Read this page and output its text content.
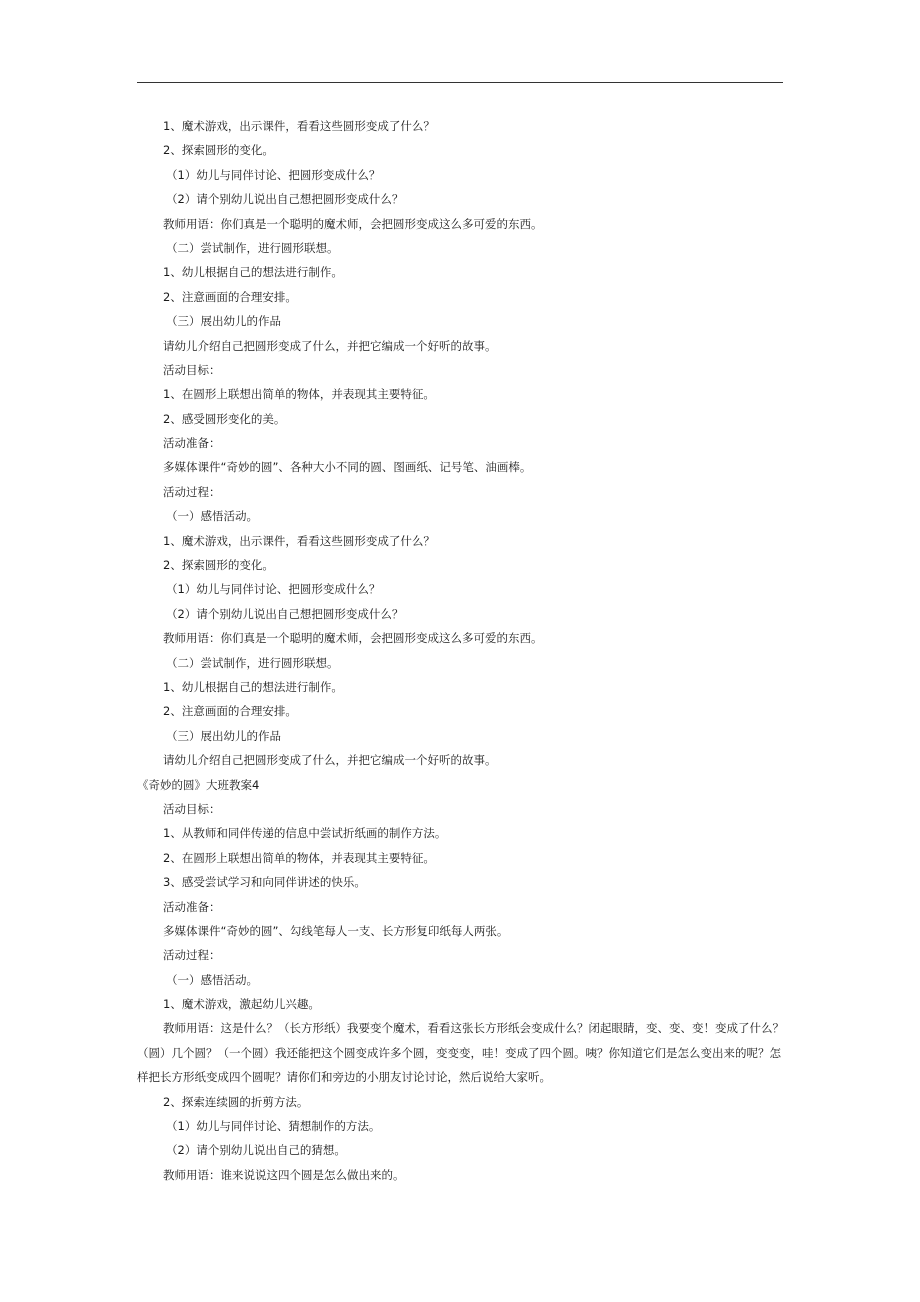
1、魔术游戏，出示课件，看看这些圆形变成了什么？
2、探索圆形的变化。
（1）幼儿与同伴讨论、把圆形变成什么？
（2）请个别幼儿说出自己想把圆形变成什么？
教师用语：你们真是一个聪明的魔术师，会把圆形变成这么多可爱的东西。
（二）尝试制作，进行圆形联想。
1、幼儿根据自己的想法进行制作。
2、注意画面的合理安排。
（三）展出幼儿的作品
请幼儿介绍自己把圆形变成了什么，并把它编成一个好听的故事。
活动目标：
1、在圆形上联想出简单的物体，并表现其主要特征。
2、感受圆形变化的美。
活动准备：
多媒体课件“奇妙的圆”、各种大小不同的圆、图画纸、记号笔、油画棒。
活动过程：
（一）感悟活动。
1、魔术游戏，出示课件，看看这些圆形变成了什么？
2、探索圆形的变化。
（1）幼儿与同伴讨论、把圆形变成什么？
（2）请个别幼儿说出自己想把圆形变成什么？
教师用语：你们真是一个聪明的魔术师，会把圆形变成这么多可爱的东西。
（二）尝试制作，进行圆形联想。
1、幼儿根据自己的想法进行制作。
2、注意画面的合理安排。
（三）展出幼儿的作品
请幼儿介绍自己把圆形变成了什么，并把它编成一个好听的故事。
《奇妙的圆》大班教案4
活动目标：
1、从教师和同伴传递的信息中尝试折纸画的制作方法。
2、在圆形上联想出简单的物体，并表现其主要特征。
3、感受尝试学习和向同伴讲述的快乐。
活动准备：
多媒体课件“奇妙的圆”、勾线笔每人一支、长方形复印纸每人两张。
活动过程：
（一）感悟活动。
1、魔术游戏，激起幼儿兴趣。
教师用语：这是什么？（长方形纸）我要变个魔术，看看这张长方形纸会变成什么？闭起眼睛，变、变、变！变成了什么？（圆）几个圆？（一个圆）我还能把这个圆变成许多个圆，变变变，哇！变成了四个圆。咦？你知道它们是怎么变出来的呢？怎样把长方形纸变成四个圆呢？请你们和旁边的小朋友讨论讨论，然后说给大家听。
2、探索连续圆的折剪方法。
（1）幼儿与同伴讨论、猜想制作的方法。
（2）请个别幼儿说出自己的猜想。
教师用语：谁来说说这四个圆是怎么做出来的。
